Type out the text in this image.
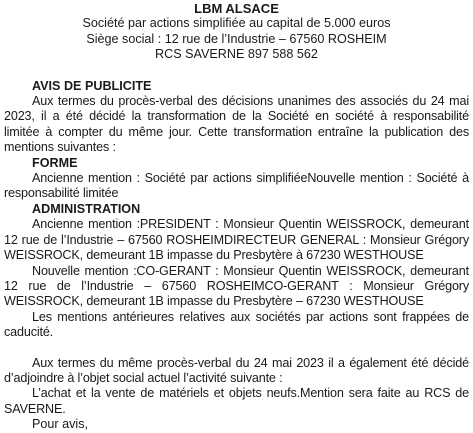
LBM ALSACE
Société par actions simplifiée au capital de 5.000 euros
Siège social : 12 rue de l’Industrie – 67560 ROSHEIM
RCS SAVERNE 897 588 562
AVIS DE PUBLICITE

Aux termes du procès-verbal des décisions unanimes des associés du 24 mai 2023, il a été décidé la transformation de la Société en société à responsabilité limitée à compter du même jour. Cette transformation entraîne la publication des mentions suivantes :

FORME

Ancienne mention : Société par actions simplifiéeNouvelle mention : Société à responsabilité limitée

ADMINISTRATION

Ancienne mention :PRESIDENT : Monsieur Quentin WEISSROCK, demeurant 12 rue de l’Industrie – 67560 ROSHEIMDIRECTEUR GENERAL : Monsieur Grégory WEISSROCK, demeurant 1B impasse du Presbytère à 67230 WESTHOUSE

Nouvelle mention :CO-GERANT : Monsieur Quentin WEISSROCK, demeurant 12 rue de l’Industrie – 67560 ROSHEIMCO-GERANT : Monsieur Grégory WEISSROCK, demeurant 1B impasse du Presbytère – 67230 WESTHOUSE

Les mentions antérieures relatives aux sociétés par actions sont frappées de caducité.

Aux termes du même procès-verbal du 24 mai 2023 il a également été décidé d’adjoindre à l’objet social actuel l’activité suivante :

L’achat et la vente de matériels et objets neufs.Mention sera faite au RCS de SAVERNE.

Pour avis,
